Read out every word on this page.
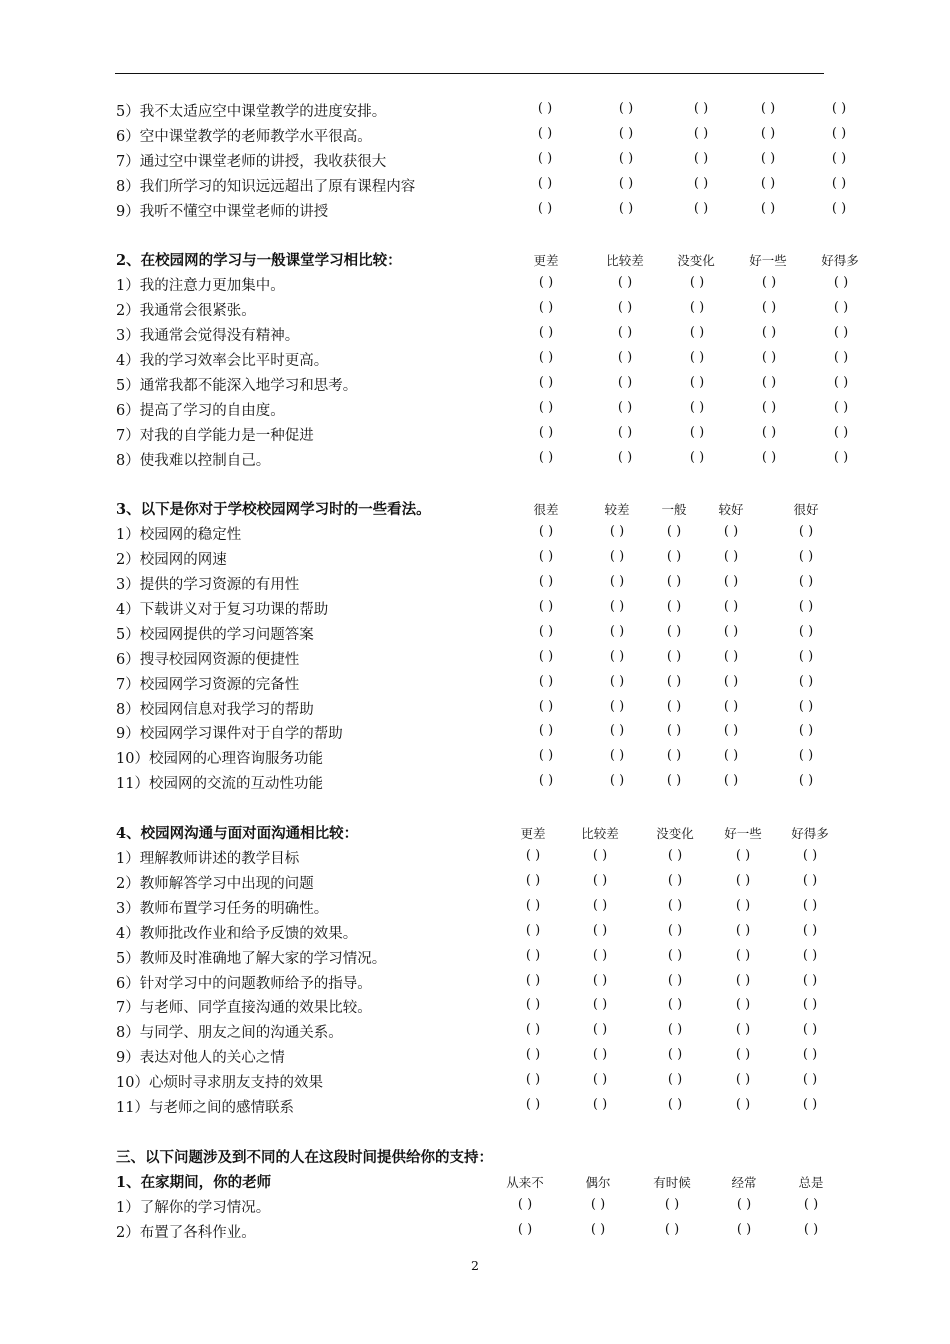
5）我不太适应空中课堂教学的进度安排。	( )	( )	( )	( )	( )
6）空中课堂教学的老师教学水平很高。	( )	( )	( )	( )	( )
7）通过空中课堂老师的讲授，我收获很大	( )	( )	( )	( )	( )
8）我们所学习的知识远远超出了原有课程内容	( )	( )	( )	( )	( )
9）我听不懂空中课堂老师的讲授	( )	( )	( )	( )	( )
2、在校园网的学习与一般课堂学习相比较：	更差	比较差	没变化	好一些	好得多
1）我的注意力更加集中。	( )	( )	( )	( )	( )
2）我通常会很紧张。	( )	( )	( )	( )	( )
3）我通常会觉得没有精神。	( )	( )	( )	( )	( )
4）我的学习效率会比平时更高。	( )	( )	( )	( )	( )
5）通常我都不能深入地学习和思考。	( )	( )	( )	( )	( )
6）提高了学习的自由度。	( )	( )	( )	( )	( )
7）对我的自学能力是一种促进	( )	( )	( )	( )	( )
8）使我难以控制自己。	( )	( )	( )	( )	( )
3、以下是你对于学校校园网学习时的一些看法。	很差	较差	一般	较好	很好
1）校园网的稳定性	( )	( )	( )	( )	( )
2）校园网的网速	( )	( )	( )	( )	( )
3）提供的学习资源的有用性	( )	( )	( )	( )	( )
4）下载讲义对于复习功课的帮助	( )	( )	( )	( )	( )
5）校园网提供的学习问题答案	( )	( )	( )	( )	( )
6）搜寻校园网资源的便捷性	( )	( )	( )	( )	( )
7）校园网学习资源的完备性	( )	( )	( )	( )	( )
8）校园网信息对我学习的帮助	( )	( )	( )	( )	( )
9）校园网学习课件对于自学的帮助	( )	( )	( )	( )	( )
10）校园网的心理咨询服务功能	( )	( )	( )	( )	( )
11）校园网的交流的互动性功能	( )	( )	( )	( )	( )
4、校园网沟通与面对面沟通相比较：	更差	比较差	没变化 好一些 好得多
1）理解教师讲述的教学目标	( )	( )	( )	( )	( )
2）教师解答学习中出现的问题	( )	( )	( )	( )	( )
3）教师布置学习任务的明确性。	( )	( )	( )	( )	( )
4）教师批改作业和给予反馈的效果。	( )	( )	( )	( )	( )
5）教师及时准确地了解大家的学习情况。	( )	( )	( )	( )	( )
6）针对学习中的问题教师给予的指导。	( )	( )	( )	( )	( )
7）与老师、同学直接沟通的效果比较。	( )	( )	( )	( )	( )
8）与同学、朋友之间的沟通关系。	( )	( )	( )	( )	( )
9）表达对他人的关心之情	( )	( )	( )	( )	( )
10）心烦时寻求朋友支持的效果	( )	( )	( )	( )	( )
11）与老师之间的感情联系	( )	( )	( )	( )	( )
三、以下问题涉及到不同的人在这段时间提供给你的支持：
1、在家期间，你的老师	从来不	偶尔	有时候	经常	总是
1）了解你的学习情况。	( )	( )	( )	( )	( )
2）布置了各科作业。	( )	( )	( )	( )	( )
2
